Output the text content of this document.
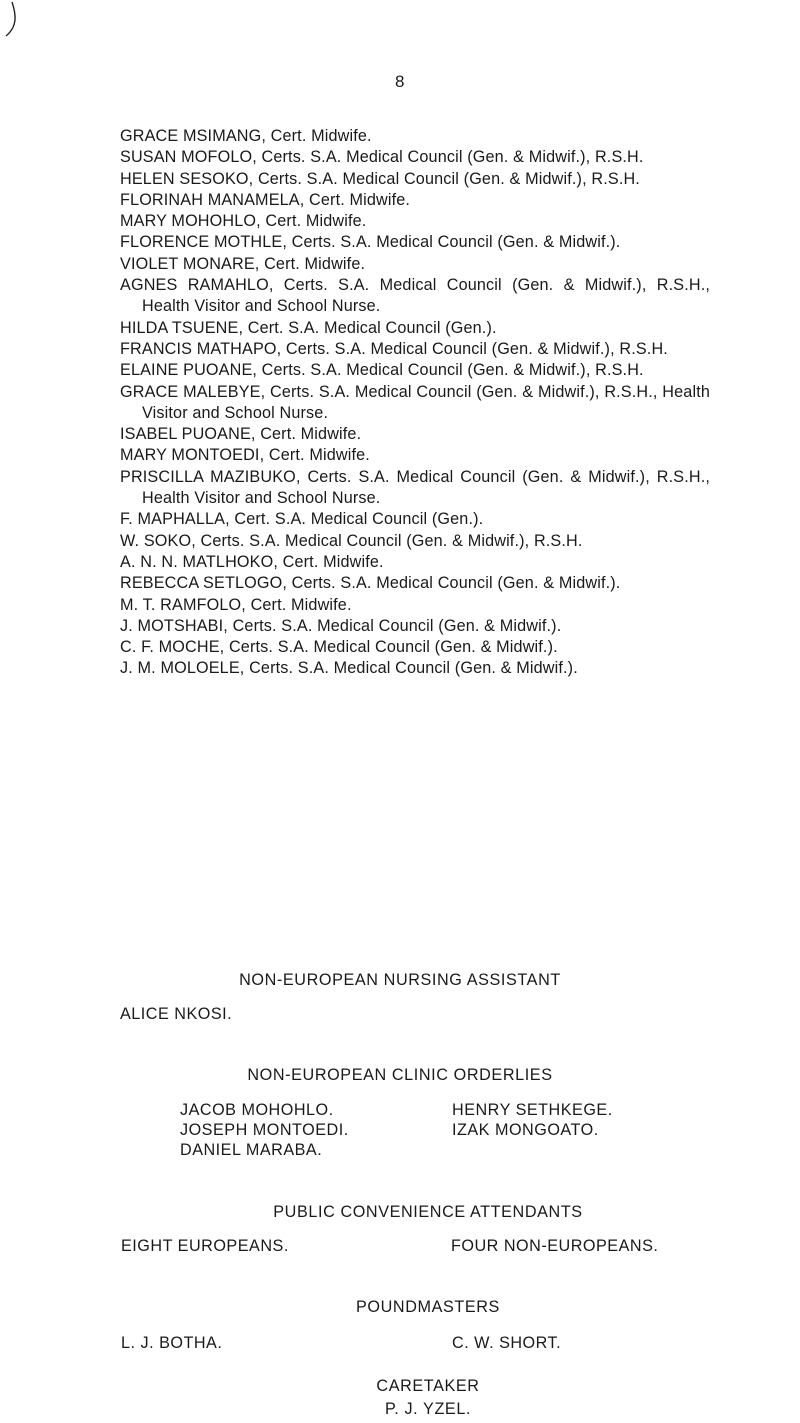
8
GRACE MSIMANG, Cert. Midwife.
SUSAN MOFOLO, Certs. S.A. Medical Council (Gen. & Midwif.), R.S.H.
HELEN SESOKO, Certs. S.A. Medical Council (Gen. & Midwif.), R.S.H.
FLORINAH MANAMELA, Cert. Midwife.
MARY MOHOHLO, Cert. Midwife.
FLORENCE MOTHLE, Certs. S.A. Medical Council (Gen. & Midwif.).
VIOLET MONARE, Cert. Midwife.
AGNES RAMAHLO, Certs. S.A. Medical Council (Gen. & Midwif.), R.S.H., Health Visitor and School Nurse.
HILDA TSUENE, Cert. S.A. Medical Council (Gen.).
FRANCIS MATHAPO, Certs. S.A. Medical Council (Gen. & Midwif.), R.S.H.
ELAINE PUOANE, Certs. S.A. Medical Council (Gen. & Midwif.), R.S.H.
GRACE MALEBYE, Certs. S.A. Medical Council (Gen. & Midwif.), R.S.H., Health Visitor and School Nurse.
ISABEL PUOANE, Cert. Midwife.
MARY MONTOEDI, Cert. Midwife.
PRISCILLA MAZIBUKO, Certs. S.A. Medical Council (Gen. & Midwif.), R.S.H., Health Visitor and School Nurse.
F. MAPHALLA, Cert. S.A. Medical Council (Gen.).
W. SOKO, Certs. S.A. Medical Council (Gen. & Midwif.), R.S.H.
A. N. N. MATLHOKO, Cert. Midwife.
REBECCA SETLOGO, Certs. S.A. Medical Council (Gen. & Midwif.).
M. T. RAMFOLO, Cert. Midwife.
J. MOTSHABI, Certs. S.A. Medical Council (Gen. & Midwif.).
C. F. MOCHE, Certs. S.A. Medical Council (Gen. & Midwif.).
J. M. MOLOELE, Certs. S.A. Medical Council (Gen. & Midwif.).
NON-EUROPEAN NURSING ASSISTANT
ALICE NKOSI.
NON-EUROPEAN CLINIC ORDERLIES
JACOB MOHOHLO.
JOSEPH MONTOEDI.
DANIEL MARABA.
HENRY SETHKEGE.
IZAK MONGOATO.
PUBLIC CONVENIENCE ATTENDANTS
EIGHT EUROPEANS.	FOUR NON-EUROPEANS.
POUNDMASTERS
L. J. BOTHA.	C. W. SHORT.
CARETAKER
P. J. YZEL.
